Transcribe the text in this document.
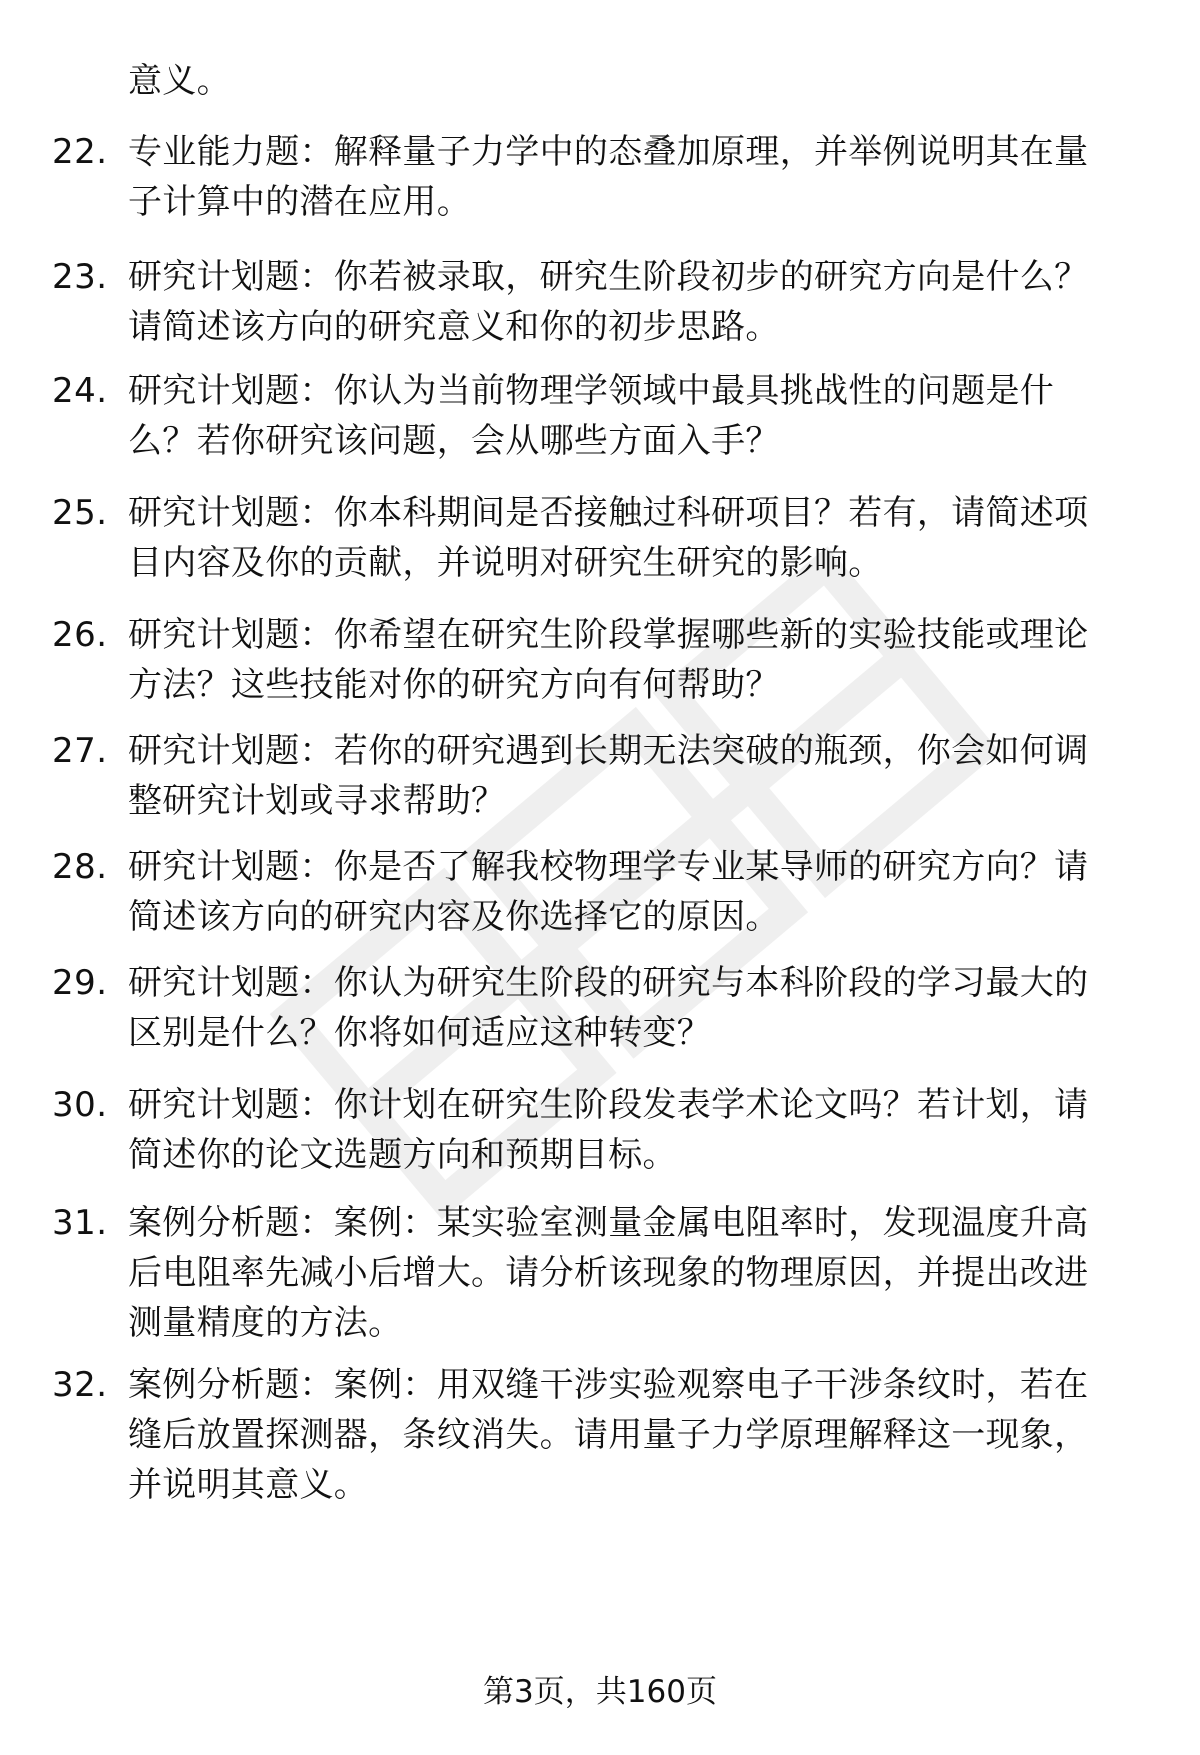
意义。
22. 专业能力题：解释量子力学中的态叠加原理，并举例说明其在量
子计算中的潜在应用。
23. 研究计划题：你若被录取，研究生阶段初步的研究方向是什么？
请简述该方向的研究意义和你的初步思路。
24. 研究计划题：你认为当前物理学领域中最具挑战性的问题是什
么？若你研究该问题，会从哪些方面入手？
25. 研究计划题：你本科期间是否接触过科研项目？若有，请简述项
目内容及你的贡献，并说明对研究生研究的影响。
26. 研究计划题：你希望在研究生阶段掌握哪些新的实验技能或理论
方法？这些技能对你的研究方向有何帮助？
27. 研究计划题：若你的研究遇到长期无法突破的瓶颈，你会如何调
整研究计划或寻求帮助？
28. 研究计划题：你是否了解我校物理学专业某导师的研究方向？请
简述该方向的研究内容及你选择它的原因。
29. 研究计划题：你认为研究生阶段的研究与本科阶段的学习最大的
区别是什么？你将如何适应这种转变？
30. 研究计划题：你计划在研究生阶段发表学术论文吗？若计划，请
简述你的论文选题方向和预期目标。
31. 案例分析题：案例：某实验室测量金属电阻率时，发现温度升高
后电阻率先减小后增大。请分析该现象的物理原因，并提出改进
测量精度的方法。
32. 案例分析题：案例：用双缝干涉实验观察电子干涉条纹时，若在
缝后放置探测器，条纹消失。请用量子力学原理解释这一现象，
并说明其意义。
第3页，共160页
